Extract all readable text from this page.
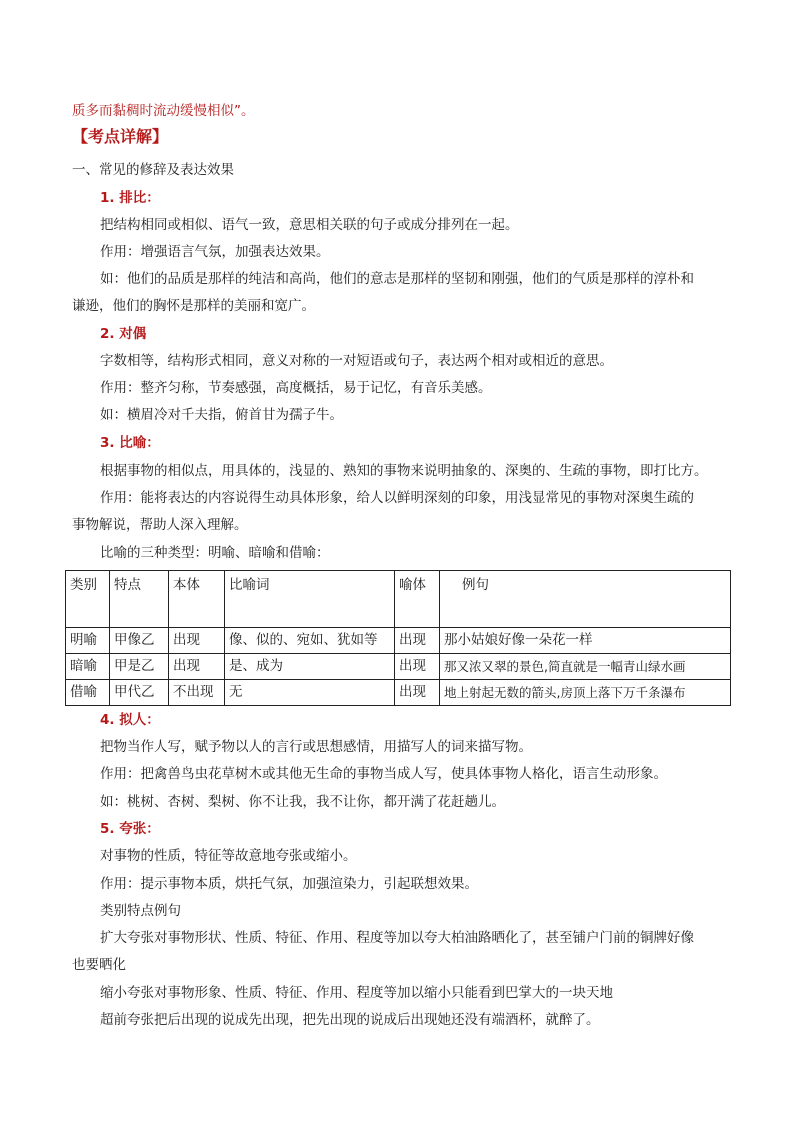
质多而黏稠时流动缓慢相似”。
【考点详解】
一、常见的修辞及表达效果
1. 排比：
把结构相同或相似、语气一致，意思相关联的句子或成分排列在一起。
作用：增强语言气氛，加强表达效果。
如：他们的品质是那样的纯洁和高尚，他们的意志是那样的坚韧和刚强，他们的气质是那样的淳朴和
谦逊，他们的胸怀是那样的美丽和宽广。
2. 对偶
字数相等，结构形式相同，意义对称的一对短语或句子，表达两个相对或相近的意思。
作用：整齐匀称，节奏感强，高度概括，易于记忆，有音乐美感。
如：横眉冷对千夫指，俯首甘为孺子牛。
3. 比喻：
根据事物的相似点，用具体的，浅显的、熟知的事物来说明抽象的、深奥的、生疏的事物，即打比方。
作用：能将表达的内容说得生动具体形象，给人以鲜明深刻的印象，用浅显常见的事物对深奥生疏的
事物解说，帮助人深入理解。
比喻的三种类型：明喻、暗喻和借喻：
类别	特点	本体	比喻词	喻体	例句
明喻	甲像乙	出现	像、似的、宛如、犹如等	出现	那小姑娘好像一朵花一样
暗喻	甲是乙	出现	是、成为	出现	那又浓又翠的景色,简直就是一幅青山绿水画
借喻	甲代乙	不出现	无	出现	地上射起无数的箭头,房顶上落下万千条瀑布
4. 拟人：
把物当作人写，赋予物以人的言行或思想感情，用描写人的词来描写物。
作用：把禽兽鸟虫花草树木或其他无生命的事物当成人写，使具体事物人格化，语言生动形象。
如：桃树、杏树、梨树、你不让我，我不让你，都开满了花赶趟儿。
5. 夸张：
对事物的性质，特征等故意地夸张或缩小。
作用：提示事物本质，烘托气氛，加强渲染力，引起联想效果。
类别特点例句
扩大夸张对事物形状、性质、特征、作用、程度等加以夸大柏油路晒化了，甚至铺户门前的铜牌好像
也要晒化
缩小夸张对事物形象、性质、特征、作用、程度等加以缩小只能看到巴掌大的一块天地
超前夸张把后出现的说成先出现，把先出现的说成后出现她还没有端酒杯，就醉了。
